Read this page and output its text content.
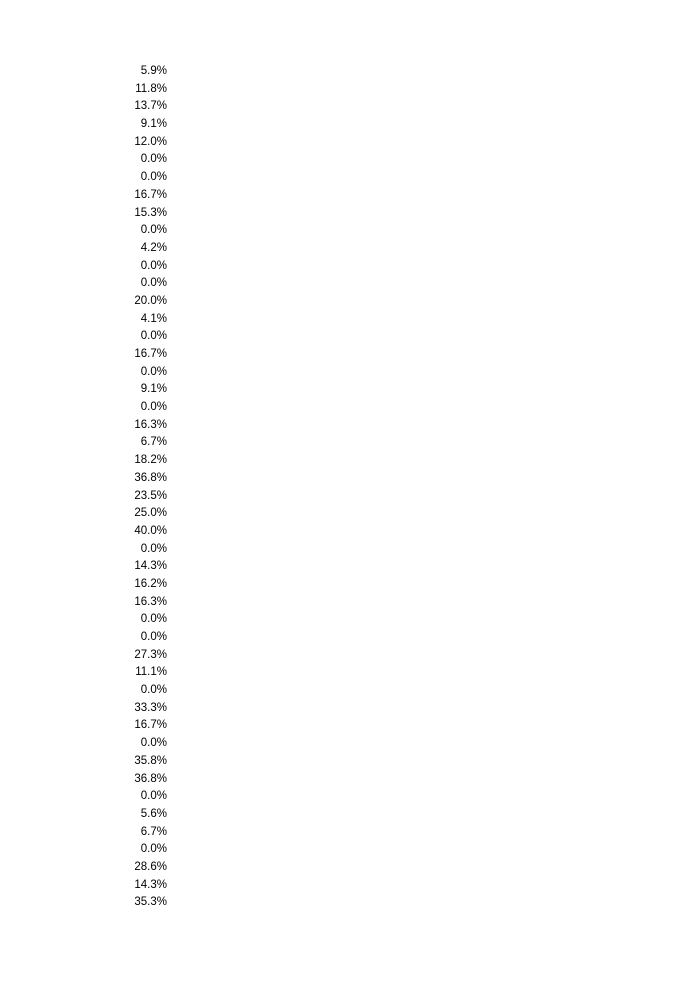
5.9%
11.8%
13.7%
9.1%
12.0%
0.0%
0.0%
16.7%
15.3%
0.0%
4.2%
0.0%
0.0%
20.0%
4.1%
0.0%
16.7%
0.0%
9.1%
0.0%
16.3%
6.7%
18.2%
36.8%
23.5%
25.0%
40.0%
0.0%
14.3%
16.2%
16.3%
0.0%
0.0%
27.3%
11.1%
0.0%
33.3%
16.7%
0.0%
35.8%
36.8%
0.0%
5.6%
6.7%
0.0%
28.6%
14.3%
35.3%
